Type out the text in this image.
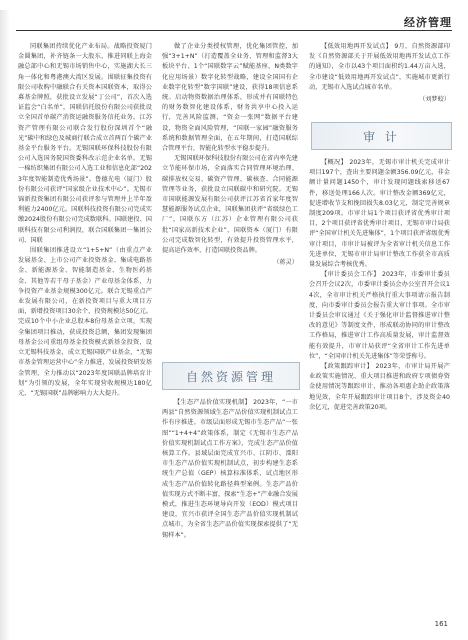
经济管理

同联集团持续优化产业布局。战略投资厦门金圆集团，补齐链条一大股东，推进同联上海金融总部中心和无锡市场销售中心，实施湖大长三角一体化和粤港澳大湾区发展。围联征集投资有限公司收购中融联合有关资本国联资本，取得公募基金牌照，获批设立发展“丁公司”，首次入选证监会“白名单”，国联信托股份有限公司获批设立全国首单碳产消资运融资服务信托业务。江苏资产管理有限公司联合发行股份深圳首个“融光”碳中和绿色及城商行联合成立首两百个碳产业基金平台服务平台。无锡国联环保科技股份有限公司入选国务院国资委科改示范企业名单。无锡一棉纺织集团有限公司入选工业和信息化部“2023年度智能制造优秀场景”。鲁德光电（厦门）股份有限公司获评“国家级企业技术中心”。无锡市锦新投资集团有限公司获评参与管理并上半年盈利能力2400亿元。国联科技投资有限公司完成实缴2024股份有限公司完成数联科。国联建投、国联科技有限公司利润投，联合国联集团一集团公司、国联

围联集团推进设立“1+5+N”（由重点产业发展基金、上市公司产业投资基金、集成电路基金、新能源基金、智能制造基金、生物医药基金、其他等若干母子基金）产业母基金体系，力争投资产业基金规模300亿元。联合无锡重点产业发展有限公司，在新投资项目与重大项目方面，新增投资项目30余个，投资规模达50亿元。完成10个中小企业总股本8份母基金立项，实现全集团项目推动，获成投资总额，集团发现集团母基金公司重组母基金投资模式新基金投资，设立无锡科技基金，成立无锡国联产业基金，“无锡市基金管理运营中心”全力推进，发展投资研发基金管理，全力推动以“2023年度国联品牌培育计划”为引领的发展，全年实现营收规模达180亿元，“无锡国联”品牌影响力大大提升。

做了企业分类授权管理，优化集团管控，加强“3+1+N”（打造覆盖全业务、管理和监督3大板块平台、1个“国联数字云”赋能基座、N类数字化应用场景）数字化转型战略，建设全国国有企业数字化转型“数字国联”建设，获得18项信息系统。启动物资数据治理体系，形成并有国联特色的财务数智化建设体系，财务共享中心投入运行，完善风险监测、“资金一张网”数据平台建设，物资全面风险管理，“国联一家园”融资服务系统和数据管理全面，在五年期间，打造国联综合管理平台，智能化转型水平稳步提升。

无锡国联环保科技股份有限公司在省内率先建立节能环保市场，全面落实合同管理环境治理、碳排放权交易、碳资产管理、碳核查、合同能源管理等业务，获批设立国联碳中和研究院。无锡市国联能源发展有限公司获评江苏省首家年度智慧能源服务试点企业，国联集团获评“省级绿色工厂”，国联东方（江苏）企业管理有限公司获批“国家高新技术企业”，国联资本（厦门）有限公司完成数智化转型，有效提升投资管理水平，提高运作效率，打造国联投资品牌。

（蒋灵）
自然资源管理

【生态产品价值实现机制】 2023年，“一市两县”自然资源领域生态产品价值实现机制试点工作有序推进。市级层面形成无锡市生态产品“一张图”“1+4+4”政策体系，制定《无锡市生态产品价值实现机制试点工作方案》，完成生态产品价值核算工作。县域层面完成宜兴市、江阴市、溧阳市生态产品价值实现机制试点，初步构建生态系统生产总值（GEP）核算标准体系，试点地区形成生态产品价值转化路径典型案例。生态产品价值实现方式不断丰富，探索“生态+”产业融合发展模式，推进生态环境导向开发（EOD）模式项目建设，宜兴市获评全国生态产品价值实现机制试点城市，为全省生态产品价值实现探索提供了“无锡样本”。

【低效用地再开发试点】 9月，自然资源部印发《自然资源部关于开展低效用地再开发试点工作的通知》，全市以43个项目面积约1.44万亩入选，全市建设“低效用地再开发试点”，实施城市更新行动，无锡市入选试点城市名单。

（刘梦蛟）
审 计

【概况】 2023年，无锡市审计机关完成审计项目197个，查出主要问题金额356.09亿元，非金额计量问题1450个，审计发现问题线索移送67件，移送处理166人次。审计整改金额369亿元，促进增收节支和挽回损失8.03亿元，制定完善规章制度209项。市审计局1个项目获评省优秀审计项目，2个项目获评省优秀审计项目，无锡市审计局获评“全国审计机关先进集体”，1个项目获评省级优秀审计项目，市审计局被评为全省审计机关信息工作先进单位，无锡市审计局审计整改工作获全市高质量发展综合考核优秀。

【审计委员会工作】 2023年，市委审计委员会召开会议2次，市委审计委员会办公室召开会议14次，全市审计机关严格执行重大事项请示报告制度，向市委审计委员会报告重大审计事项。全市审计委员会审议通过《关于强化审计监督推进审计整改的意见》等制度文件，形成联动协同的审计整改工作格局，推进审计工作高质量发展，审计监督效能有效提升，市审计局获评“全省审计工作先进单位”，“全国审计机关先进集体”等荣誉称号。

【政策跟踪审计】 2023年，市审计局开展产业政策实施情况、重大项目推进和政府专项债券资金使用情况等跟踪审计，推动各项惠企助企政策落地见效，全年开展跟踪审计项目8个，涉及资金40余亿元，促进完善政策20项。

161
